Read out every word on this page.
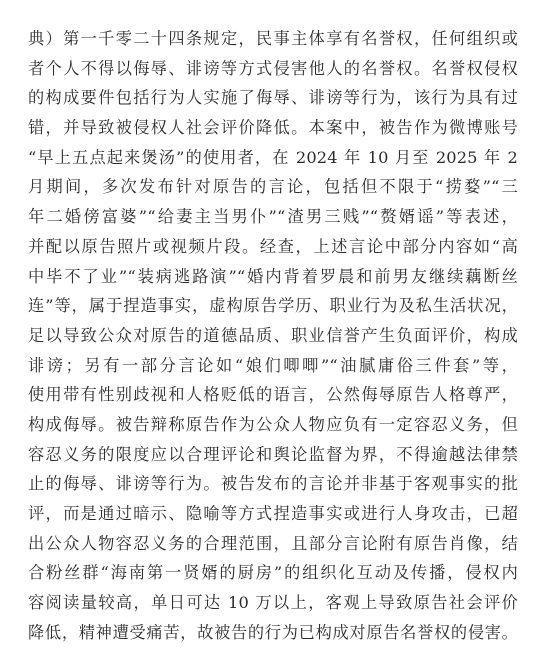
典）第一千零二十四条规定，民事主体享有名誉权，任何组织或
者个人不得以侮辱、诽谤等方式侵害他人的名誉权。名誉权侵权
的构成要件包括行为人实施了侮辱、诽谤等行为，该行为具有过
错，并导致被侵权人社会评价降低。本案中，被告作为微博账号
“早上五点起来煲汤”的使用者，在 2024 年 10 月至 2025 年 2
月期间，多次发布针对原告的言论，包括但不限于“捞婺”“三
年二婚傍富婆”“给妻主当男仆”“渣男三贱”“赘婿谣”等表述，
并配以原告照片或视频片段。经查，上述言论中部分内容如“高
中毕不了业”“装病逃路演”“婚内背着罗晨和前男友继续藕断丝
连”等，属于捏造事实，虚构原告学历、职业行为及私生活状况，
足以导致公众对原告的道德品质、职业信誉产生负面评价，构成
诽谤；另有一部分言论如“娘们唧唧”“油腻庸俗三件套”等，
使用带有性别歧视和人格贬低的语言，公然侮辱原告人格尊严，
构成侮辱。被告辩称原告作为公众人物应负有一定容忍义务，但
容忍义务的限度应以合理评论和舆论监督为界，不得逾越法律禁
止的侮辱、诽谤等行为。被告发布的言论并非基于客观事实的批
评，而是通过暗示、隐喻等方式捏造事实或进行人身攻击，已超
出公众人物容忍义务的合理范围，且部分言论附有原告肖像，结
合粉丝群“海南第一贤婿的厨房”的组织化互动及传播，侵权内
容阅读量较高，单日可达 10 万以上，客观上导致原告社会评价
降低，精神遭受痛苦，故被告的行为已构成对原告名誉权的侵害。
